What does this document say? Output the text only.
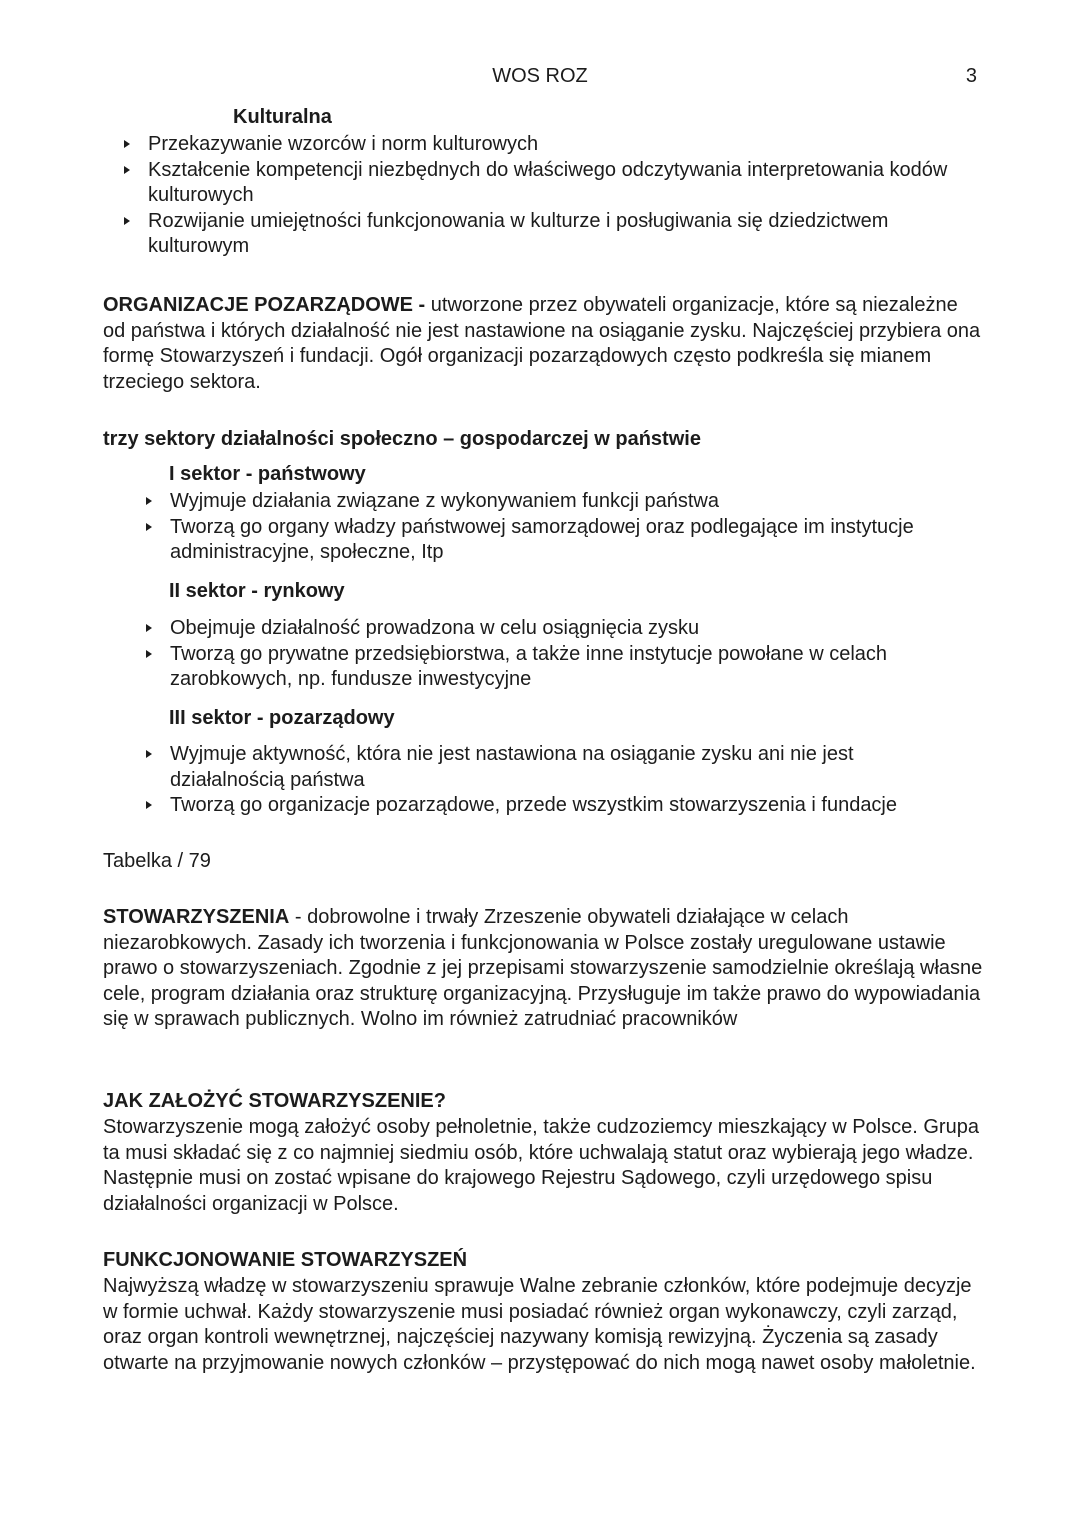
WOS ROZ	3
Kulturalna
Przekazywanie wzorców i norm kulturowych
Kształcenie kompetencji niezbędnych do właściwego odczytywania interpretowania kodów kulturowych
Rozwijanie umiejętności funkcjonowania w kulturze i posługiwania się dziedzictwem kulturowym
ORGANIZACJE POZARZĄDOWE - utworzone przez obywateli organizacje, które są niezależne od państwa i których działalność nie jest nastawione na osiąganie zysku. Najczęściej przybiera ona formę Stowarzyszeń i fundacji. Ogół organizacji pozarządowych często podkreśla się mianem trzeciego sektora.
trzy sektory działalności społeczno – gospodarczej w państwie
I sektor - państwowy
Wyjmuje działania związane z wykonywaniem funkcji państwa
Tworzą go organy władzy państwowej samorządowej oraz podlegające im instytucje administracyjne, społeczne, Itp
II sektor - rynkowy
Obejmuje działalność prowadzona w celu osiągnięcia zysku
Tworzą go prywatne przedsiębiorstwa, a także inne instytucje powołane w celach zarobkowych, np. fundusze inwestycyjne
III sektor - pozarządowy
Wyjmuje aktywność, która nie jest nastawiona na osiąganie zysku ani nie jest działalnością państwa
Tworzą go organizacje pozarządowe, przede wszystkim stowarzyszenia i fundacje
Tabelka / 79
STOWARZYSZENIA - dobrowolne i trwały Zrzeszenie obywateli działające w celach niezarobkowych. Zasady ich tworzenia i funkcjonowania w Polsce zostały uregulowane ustawie prawo o stowarzyszeniach. Zgodnie z jej przepisami stowarzyszenie samodzielnie określają własne cele, program działania oraz strukturę organizacyjną. Przysługuje im także prawo do wypowiadania się w sprawach publicznych. Wolno im również zatrudniać pracowników
JAK ZAŁOŻYĆ STOWARZYSZENIE?
Stowarzyszenie mogą założyć osoby pełnoletnie, także cudzoziemcy mieszkający w Polsce. Grupa ta musi składać się z co najmniej siedmiu osób, które uchwalają statut oraz wybierają jego władze. Następnie musi on zostać wpisane do krajowego Rejestru Sądowego, czyli urzędowego spisu działalności organizacji w Polsce.
FUNKCJONOWANIE STOWARZYSZEŃ
Najwyższą władzę w stowarzyszeniu sprawuje Walne zebranie członków, które podejmuje decyzje w formie uchwał. Każdy stowarzyszenie musi posiadać również organ wykonawczy, czyli zarząd, oraz organ kontroli wewnętrznej, najczęściej nazywany komisją rewizyjną. Życzenia są zasady otwarte na przyjmowanie nowych członków – przystępować do nich mogą nawet osoby małoletnie.
